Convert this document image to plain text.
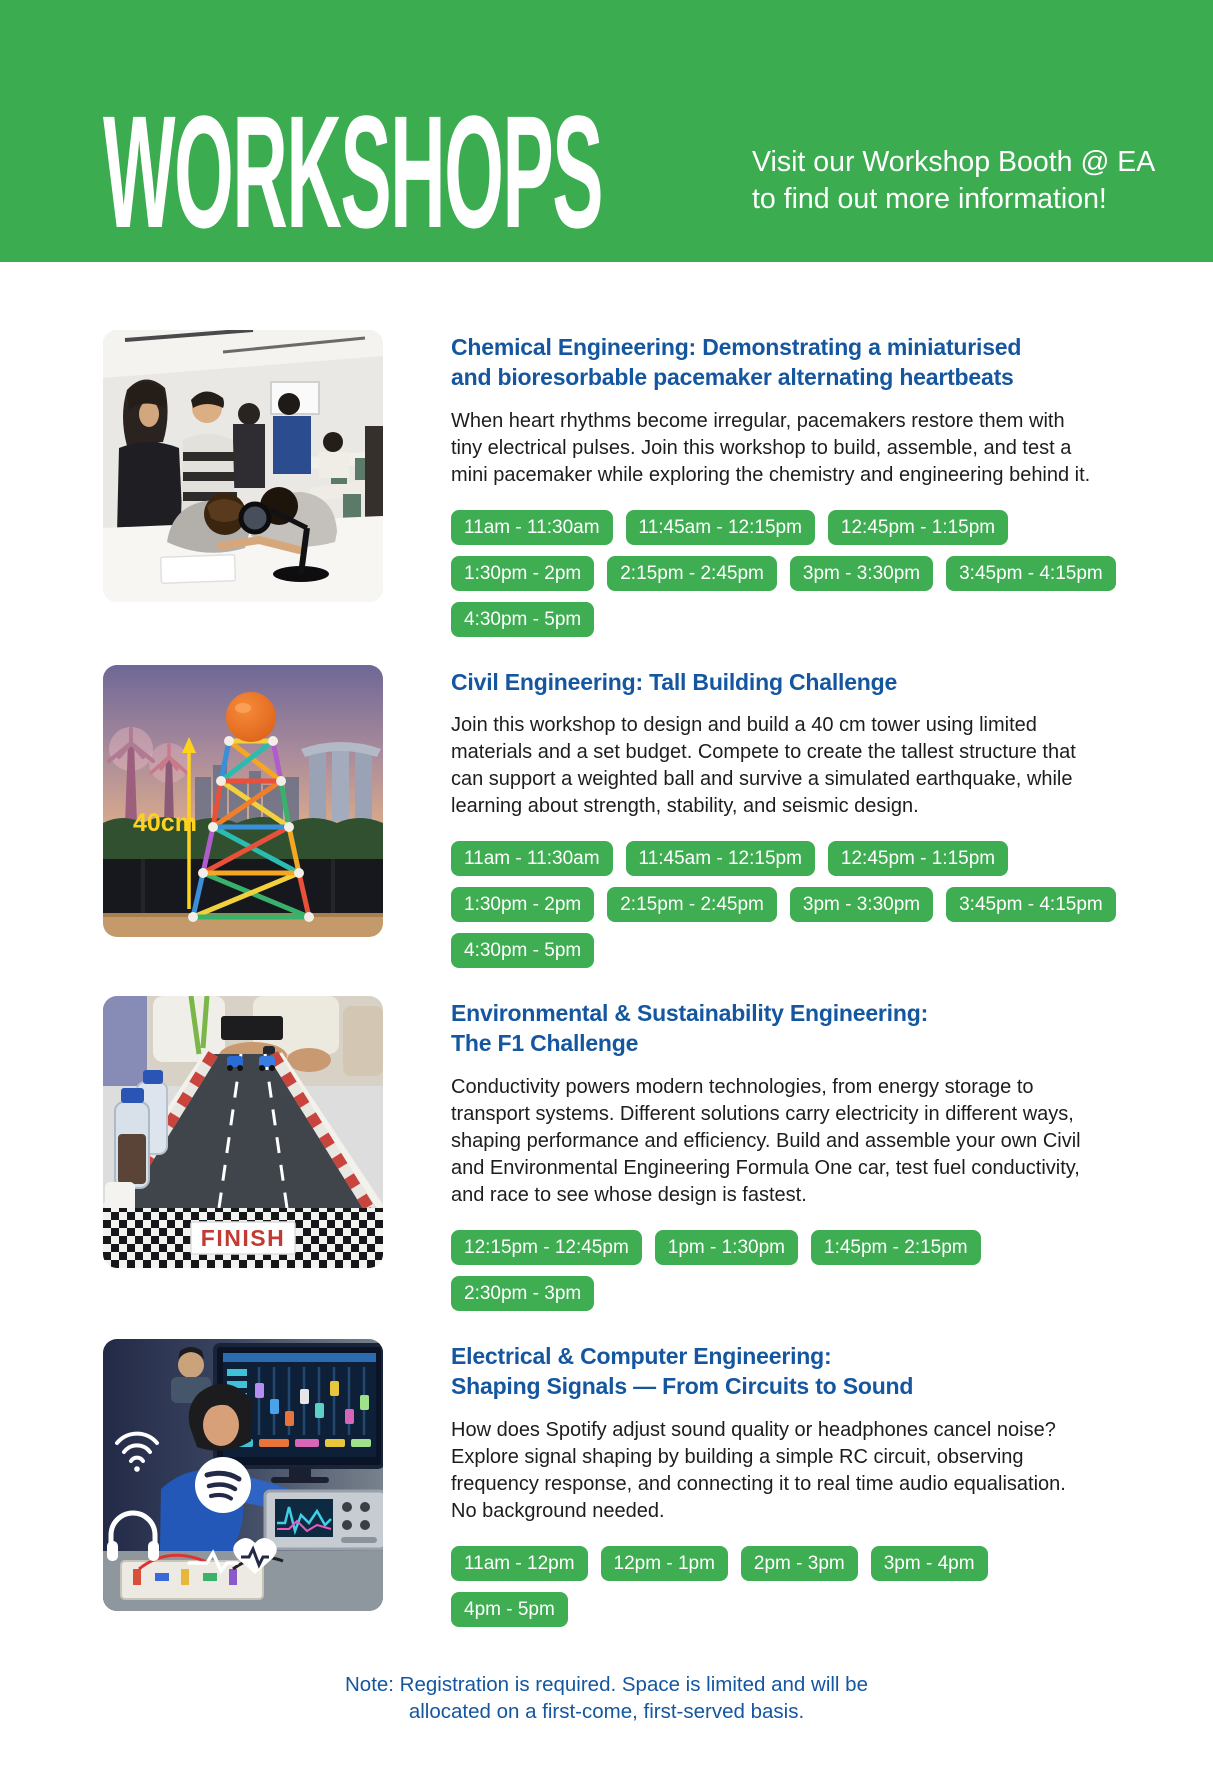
WORKSHOPS	Visit our Workshop Booth @ EA
to find out more information!
Chemical Engineering: Demonstrating a miniaturised
and bioresorbable pacemaker alternating heartbeats
When heart rhythms become irregular, pacemakers restore them with
tiny electrical pulses. Join this workshop to build, assemble, and test a
mini pacemaker while exploring the chemistry and engineering behind it.
11am - 11:30am	11:45am - 12:15pm	12:45pm - 1:15pm
1:30pm - 2pm	2:15pm - 2:45pm	3pm - 3:30pm	3:45pm - 4:15pm
4:30pm - 5pm
40cm
Civil Engineering: Tall Building Challenge
Join this workshop to design and build a 40 cm tower using limited
materials and a set budget. Compete to create the tallest structure that
can support a weighted ball and survive a simulated earthquake, while
learning about strength, stability, and seismic design.
11am - 11:30am	11:45am - 12:15pm	12:45pm - 1:15pm
1:30pm - 2pm	2:15pm - 2:45pm	3pm - 3:30pm	3:45pm - 4:15pm
4:30pm - 5pm
FINISH
Environmental & Sustainability Engineering:
The F1 Challenge
Conductivity powers modern technologies, from energy storage to
transport systems. Different solutions carry electricity in different ways,
shaping performance and efficiency. Build and assemble your own Civil
and Environmental Engineering Formula One car, test fuel conductivity,
and race to see whose design is fastest.
12:15pm - 12:45pm	1pm - 1:30pm	1:45pm - 2:15pm
2:30pm - 3pm
Electrical & Computer Engineering:
Shaping Signals — From Circuits to Sound
How does Spotify adjust sound quality or headphones cancel noise?
Explore signal shaping by building a simple RC circuit, observing
frequency response, and connecting it to real time audio equalisation.
No background needed.
11am - 12pm	12pm - 1pm	2pm - 3pm	3pm - 4pm
4pm - 5pm
Note: Registration is required. Space is limited and will be
allocated on a first-come, first-served basis.
